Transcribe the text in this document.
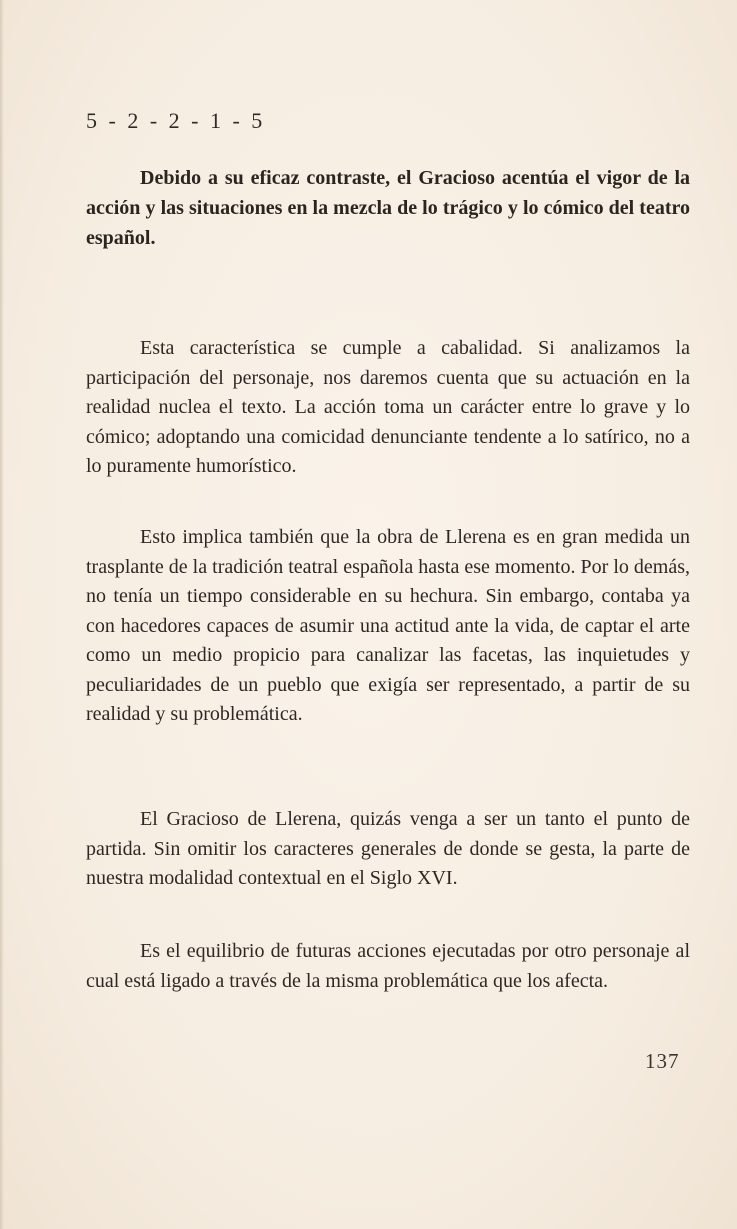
5 - 2 - 2 - 1 - 5

Debido a su eficaz contraste, el Gracioso acentúa el vigor de la acción y las situaciones en la mezcla de lo trágico y lo cómico del teatro español.

Esta característica se cumple a cabalidad. Si analizamos la participación del personaje, nos daremos cuenta que su actuación en la realidad nuclea el texto. La acción toma un carácter entre lo grave y lo cómico; adoptando una comicidad denunciante tendente a lo satírico, no a lo puramente humorístico.

Esto implica también que la obra de Llerena es en gran medida un trasplante de la tradición teatral española hasta ese momento. Por lo demás, no tenía un tiempo considerable en su hechura. Sin embargo, contaba ya con hacedores capaces de asumir una actitud ante la vida, de captar el arte como un medio propicio para canalizar las facetas, las inquietudes y peculiaridades de un pueblo que exigía ser representado, a partir de su realidad y su problemática.

El Gracioso de Llerena, quizás venga a ser un tanto el punto de partida. Sin omitir los caracteres generales de donde se gesta, la parte de nuestra modalidad contextual en el Siglo XVI.

Es el equilibrio de futuras acciones ejecutadas por otro personaje al cual está ligado a través de la misma problemática que los afecta.

137
